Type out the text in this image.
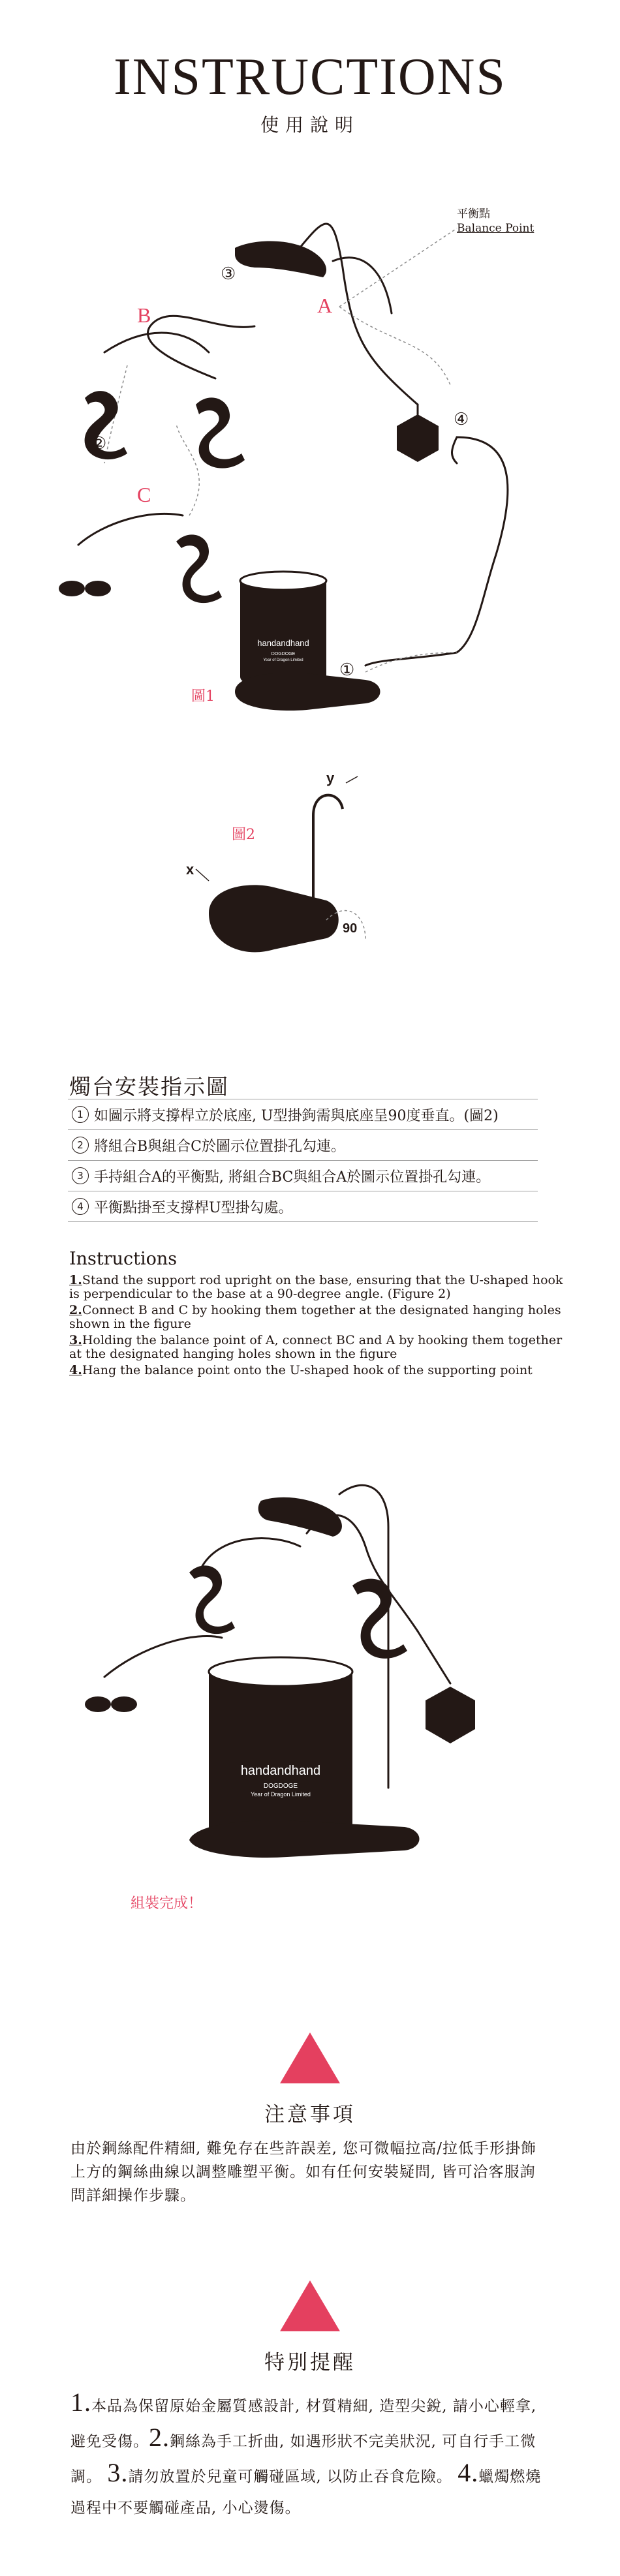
INSTRUCTIONS
使用說明
handandhand
DOGDOGE
Year of Dragon Limited
平衡點
Balance Point
A
B
C
③
④
②
①
圖1
y
x
90
圖2
燭台安裝指示圖
1 如圖示將支撐桿立於底座, U型掛鉤需與底座呈90度垂直。(圖2)
2 將組合B與組合C於圖示位置掛孔勾連。
3 手持組合A的平衡點, 將組合BC與組合A於圖示位置掛孔勾連。
4 平衡點掛至支撐桿U型掛勾處。
Instructions
1.Stand the support rod upright on the base, ensuring that the U-shaped hook is perpendicular to the base at a 90-degree angle. (Figure 2)
2.Connect B and C by hooking them together at the designated hanging holes shown in the figure
3.Holding the balance point of A, connect BC and A by hooking them together at the designated hanging holes shown in the figure
4.Hang the balance point onto the U-shaped hook of the supporting point
handandhand
DOGDOGE
Year of Dragon Limited
組裝完成！
注意事項
由於鋼絲配件精細, 難免存在些許誤差, 您可微幅拉高/拉低手形掛飾
上方的鋼絲曲線以調整雕塑平衡。如有任何安裝疑問, 皆可洽客服詢
問詳細操作步驟。
特別提醒
1.本品為保留原始金屬質感設計, 材質精細, 造型尖銳, 請小心輕拿,
避免受傷。2.鋼絲為手工折曲, 如遇形狀不完美狀況, 可自行手工微
調。 3.請勿放置於兒童可觸碰區域, 以防止吞食危險。 4.蠟燭燃燒
過程中不要觸碰產品, 小心燙傷。
